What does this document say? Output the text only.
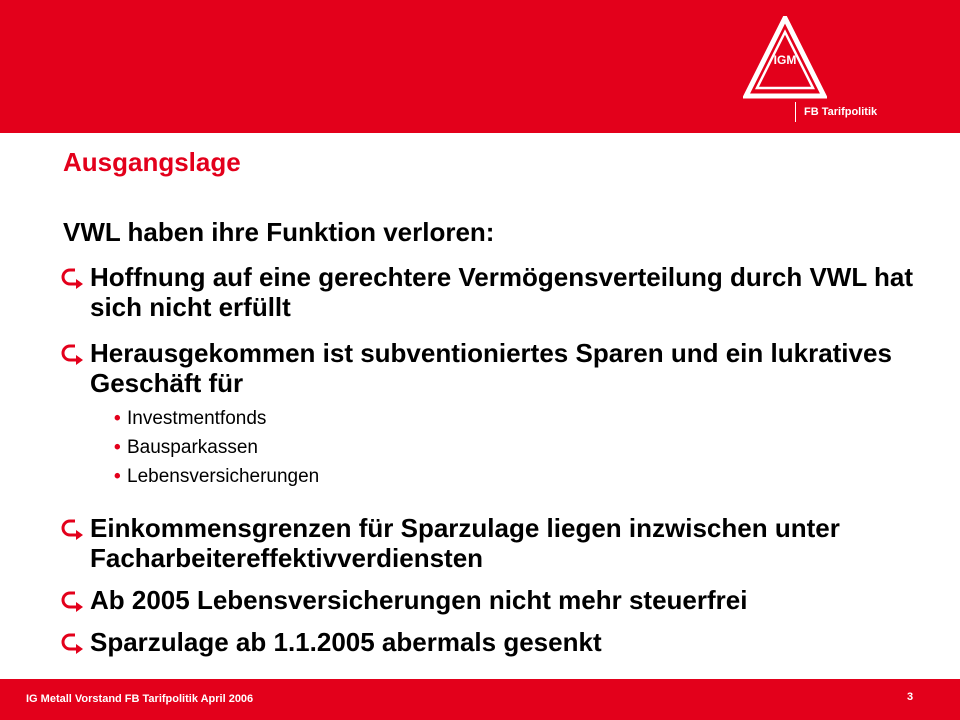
IGM
FB Tarifpolitik
Ausgangslage
VWL haben ihre Funktion verloren:
Hoffnung auf eine gerechtere Vermögensverteilung durch VWL hat sich nicht erfüllt
Herausgekommen ist subventioniertes Sparen und ein lukratives Geschäft für
• Investmentfonds
• Bausparkassen
• Lebensversicherungen
Einkommensgrenzen für Sparzulage liegen inzwischen unter Facharbeitereffektivverdiensten
Ab 2005 Lebensversicherungen nicht mehr steuerfrei
Sparzulage ab 1.1.2005 abermals gesenkt
IG Metall Vorstand FB Tarifpolitik April 2006	3
